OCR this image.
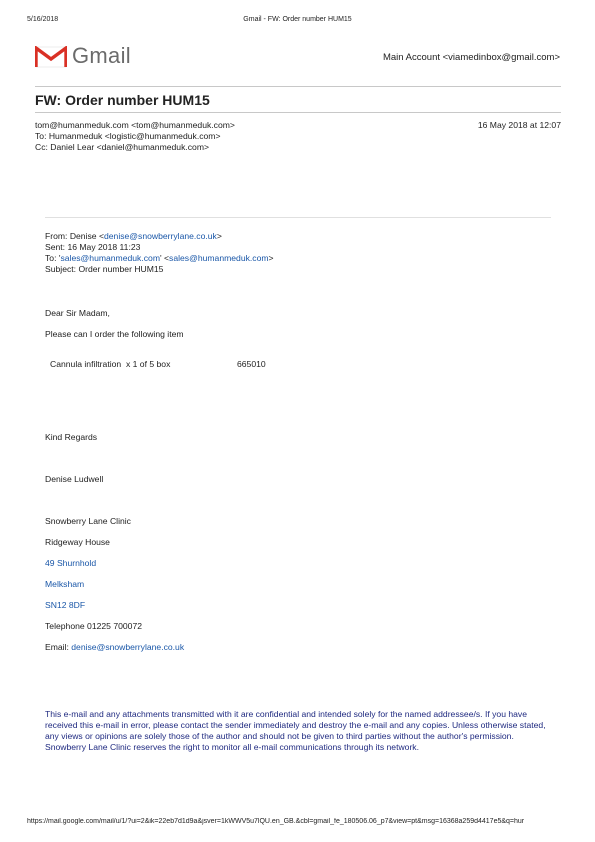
5/16/2018	Gmail - FW: Order number HUM15
Gmail	Main Account <viamedinbox@gmail.com>
FW: Order number HUM15
tom@humanmeduk.com <tom@humanmeduk.com>
To: Humanmeduk <logistic@humanmeduk.com>
Cc: Daniel Lear <daniel@humanmeduk.com>
16 May 2018 at 12:07
From: Denise <denise@snowberrylane.co.uk>
Sent: 16 May 2018 11:23
To: 'sales@humanmeduk.com' <sales@humanmeduk.com>
Subject: Order number HUM15
Dear Sir Madam,
Please can I order the following item
Cannula infiltration  x 1 of 5 box	665010
Kind Regards
Denise Ludwell
Snowberry Lane Clinic
Ridgeway House
49 Shurnhold
Melksham
SN12 8DF
Telephone 01225 700072
Email: denise@snowberrylane.co.uk
This e-mail and any attachments transmitted with it are confidential and intended solely for the named addressee/s. If you have received this e-mail in error, please contact the sender immediately and destroy the e-mail and any copies. Unless otherwise stated, any views or opinions are solely those of the author and should not be given to third parties without the author's permission. Snowberry Lane Clinic reserves the right to monitor all e-mail communications through its network.
https://mail.google.com/mail/u/1/?ui=2&ik=22eb7d1d9a&jsver=1kWWV5u7lQU.en_GB.&cbl=gmail_fe_180506.06_p7&view=pt&msg=16368a259d4417e5&q=hur
